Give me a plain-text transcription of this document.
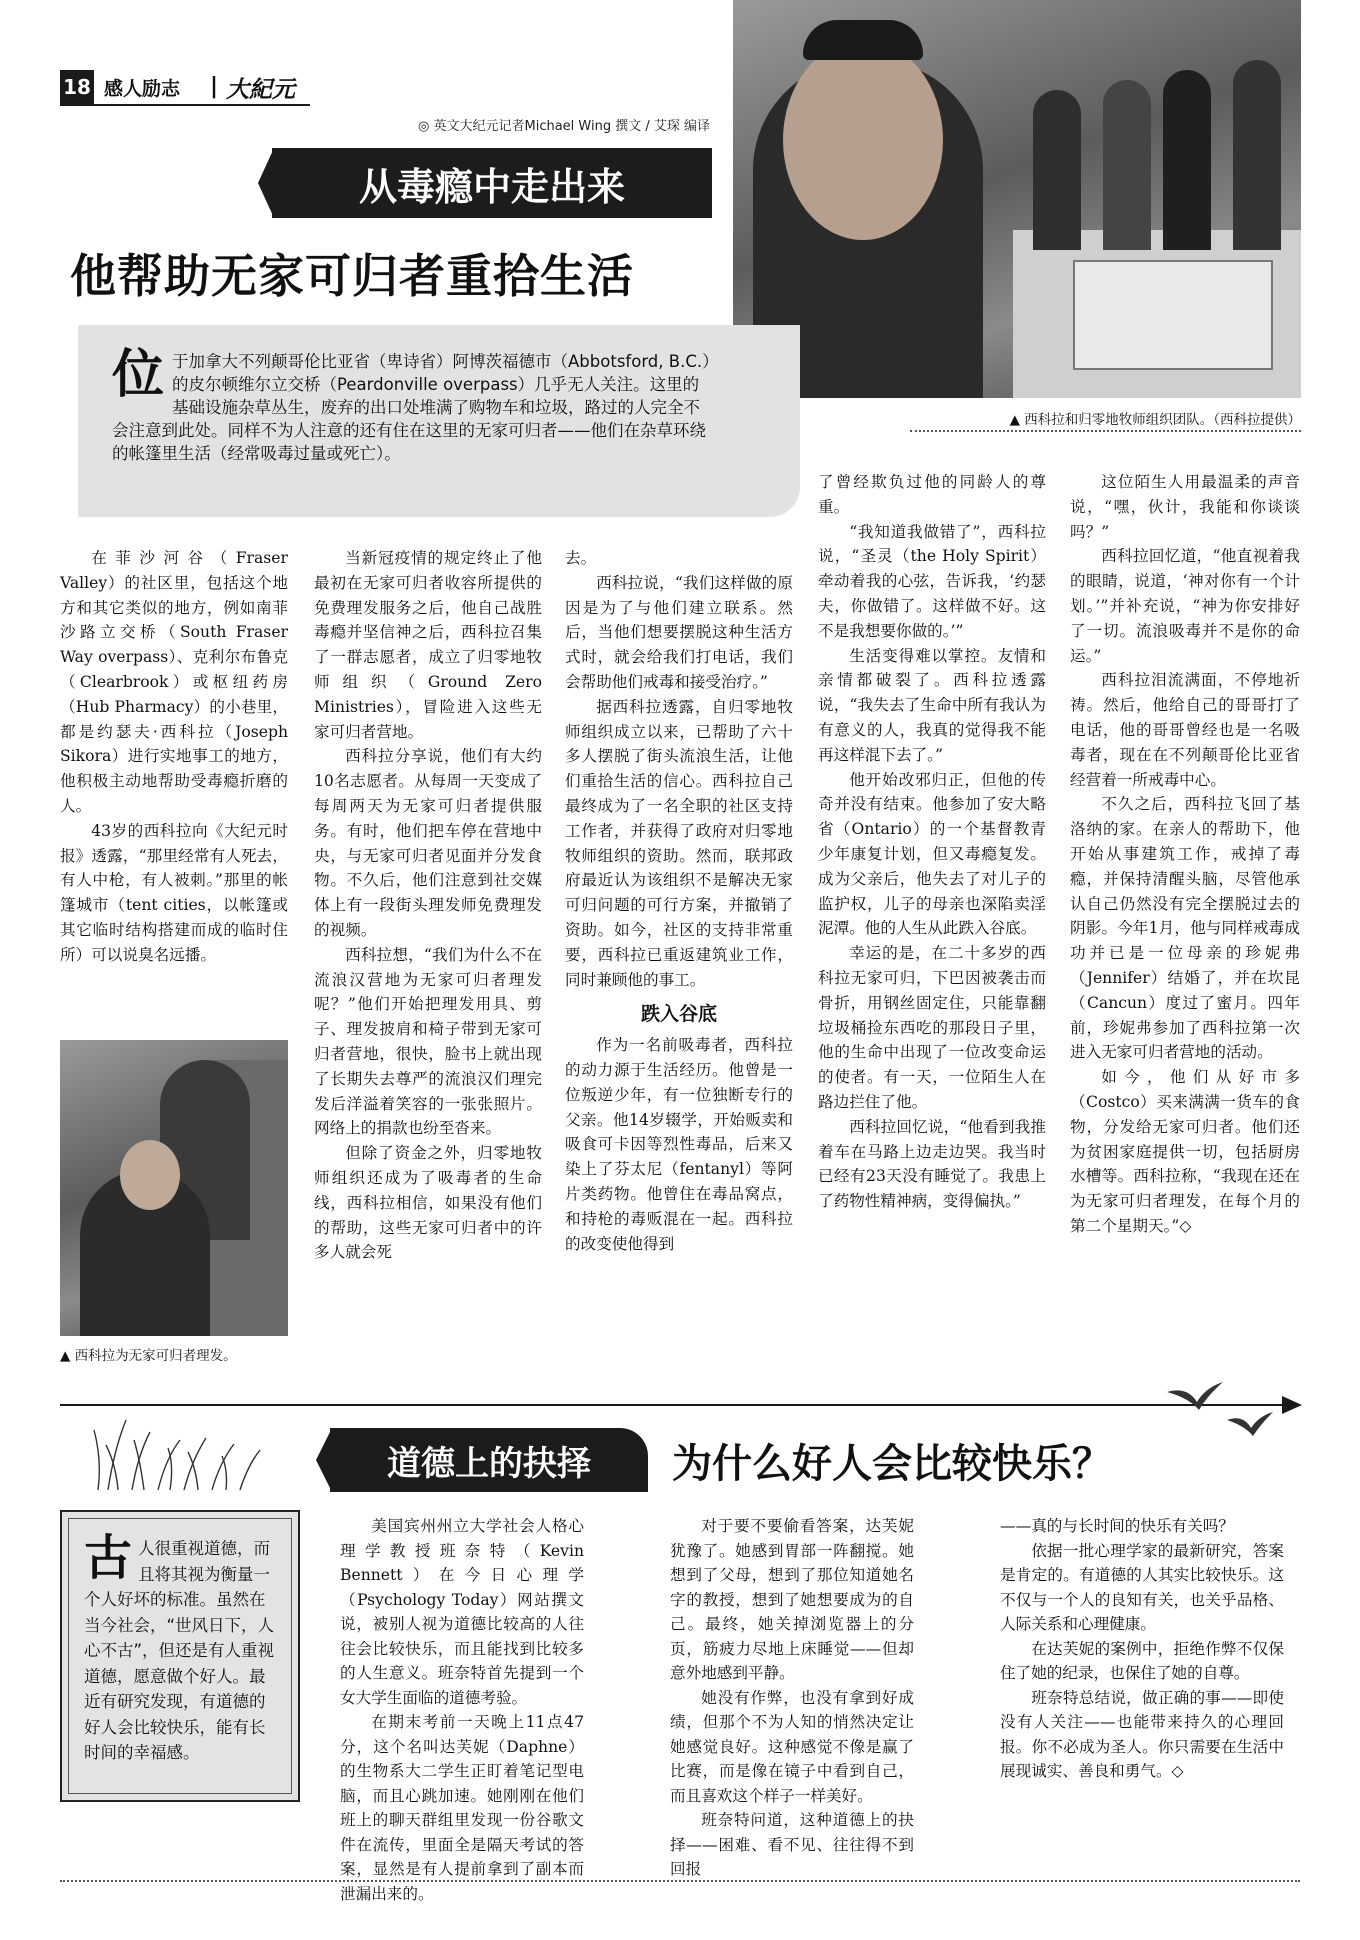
18 感人励志 | 大紀元
◎ 英文大纪元记者Michael Wing 撰文 / 艾琛 编译
从毒瘾中走出来
他帮助无家可归者重拾生活
▲ 西科拉和归零地牧师组织团队。（西科拉提供）
位于加拿大不列颠哥伦比亚省（卑诗省）阿博茨福德市（Abbotsford, B.C.）的皮尔顿维尔立交桥（Peardonville overpass）几乎无人关注。这里的基础设施杂草丛生，废弃的出口处堆满了购物车和垃圾，路过的人完全不会注意到此处。同样不为人注意的还有住在这里的无家可归者——他们在杂草环绕的帐篷里生活（经常吸毒过量或死亡）。

在菲沙河谷（Fraser Valley）的社区里，包括这个地方和其它类似的地方，例如南菲沙路立交桥（South Fraser Way overpass）、克利尔布鲁克（Clearbrook）或枢纽药房（Hub Pharmacy）的小巷里，都是约瑟夫·西科拉（Joseph Sikora）进行实地事工的地方，他积极主动地帮助受毒瘾折磨的人。

43岁的西科拉向《大纪元时报》透露，“那里经常有人死去，有人中枪，有人被刺。”那里的帐篷城市（tent cities，以帐篷或其它临时结构搭建而成的临时住所）可以说臭名远播。

▲ 西科拉为无家可归者理发。

当新冠疫情的规定终止了他最初在无家可归者收容所提供的免费理发服务之后，他自己战胜毒瘾并坚信神之后，西科拉召集了一群志愿者，成立了归零地牧师组织（Ground Zero Ministries），冒险进入这些无家可归者营地。

西科拉分享说，他们有大约10名志愿者。从每周一天变成了每周两天为无家可归者提供服务。有时，他们把车停在营地中央，与无家可归者见面并分发食物。不久后，他们注意到社交媒体上有一段街头理发师免费理发的视频。

西科拉想，“我们为什么不在流浪汉营地为无家可归者理发呢？”他们开始把理发用具、剪子、理发披肩和椅子带到无家可归者营地，很快，脸书上就出现了长期失去尊严的流浪汉们理完发后洋溢着笑容的一张张照片。网络上的捐款也纷至沓来。

但除了资金之外，归零地牧师组织还成为了吸毒者的生命线，西科拉相信，如果没有他们的帮助，这些无家可归者中的许多人就会死

去。

西科拉说，“我们这样做的原因是为了与他们建立联系。然后，当他们想要摆脱这种生活方式时，就会给我们打电话，我们会帮助他们戒毒和接受治疗。”

据西科拉透露，自归零地牧师组织成立以来，已帮助了六十多人摆脱了街头流浪生活，让他们重拾生活的信心。西科拉自己最终成为了一名全职的社区支持工作者，并获得了政府对归零地牧师组织的资助。然而，联邦政府最近认为该组织不是解决无家可归问题的可行方案，并撤销了资助。如今，社区的支持非常重要，西科拉已重返建筑业工作，同时兼顾他的事工。

跌入谷底

作为一名前吸毒者，西科拉的动力源于生活经历。他曾是一位叛逆少年，有一位独断专行的父亲。他14岁辍学，开始贩卖和吸食可卡因等烈性毒品，后来又染上了芬太尼（fentanyl）等阿片类药物。他曾住在毒品窝点，和持枪的毒贩混在一起。西科拉的改变使他得到

了曾经欺负过他的同龄人的尊重。

“我知道我做错了”，西科拉说，“圣灵（the Holy Spirit）牵动着我的心弦，告诉我，‘约瑟夫，你做错了。这样做不好。这不是我想要你做的。’”

生活变得难以掌控。友情和亲情都破裂了。西科拉透露说，“我失去了生命中所有我认为有意义的人，我真的觉得我不能再这样混下去了。”

他开始改邪归正，但他的传奇并没有结束。他参加了安大略省（Ontario）的一个基督教青少年康复计划，但又毒瘾复发。成为父亲后，他失去了对儿子的监护权，儿子的母亲也深陷卖淫泥潭。他的人生从此跌入谷底。

幸运的是，在二十多岁的西科拉无家可归，下巴因被袭击而骨折，用钢丝固定住，只能靠翻垃圾桶捡东西吃的那段日子里，他的生命中出现了一位改变命运的使者。有一天，一位陌生人在路边拦住了他。

西科拉回忆说，“他看到我推着车在马路上边走边哭。我当时已经有23天没有睡觉了。我患上了药物性精神病，变得偏执。”

这位陌生人用最温柔的声音说，“嘿，伙计，我能和你谈谈吗？”

西科拉回忆道，“他直视着我的眼睛，说道，‘神对你有一个计划。’”并补充说，“神为你安排好了一切。流浪吸毒并不是你的命运。”

西科拉泪流满面，不停地祈祷。然后，他给自己的哥哥打了电话，他的哥哥曾经也是一名吸毒者，现在在不列颠哥伦比亚省经营着一所戒毒中心。

不久之后，西科拉飞回了基洛纳的家。在亲人的帮助下，他开始从事建筑工作，戒掉了毒瘾，并保持清醒头脑，尽管他承认自己仍然没有完全摆脱过去的阴影。今年1月，他与同样戒毒成功并已是一位母亲的珍妮弗（Jennifer）结婚了，并在坎昆（Cancun）度过了蜜月。四年前，珍妮弗参加了西科拉第一次进入无家可归者营地的活动。

如今，他们从好市多（Costco）买来满满一货车的食物，分发给无家可归者。他们还为贫困家庭提供一切，包括厨房水槽等。西科拉称，“我现在还在为无家可归者理发，在每个月的第二个星期天。”◇

道德上的抉择	为什么好人会比较快乐？
古人很重视道德，而且将其视为衡量一个人好坏的标准。虽然在当今社会，“世风日下，人心不古”，但还是有人重视道德，愿意做个好人。最近有研究发现，有道德的好人会比较快乐，能有长时间的幸福感。

美国宾州州立大学社会人格心理学教授班奈特（Kevin Bennett）在今日心理学（Psychology Today）网站撰文说，被别人视为道德比较高的人往往会比较快乐，而且能找到比较多的人生意义。班奈特首先提到一个女大学生面临的道德考验。

在期末考前一天晚上11点47分，这个名叫达芙妮（Daphne）的生物系大二学生正盯着笔记型电脑，而且心跳加速。她刚刚在他们班上的聊天群组里发现一份谷歌文件在流传，里面全是隔天考试的答案，显然是有人提前拿到了副本而泄漏出来的。

对于要不要偷看答案，达芙妮犹豫了。她感到胃部一阵翻搅。她想到了父母，想到了那位知道她名字的教授，想到了她想要成为的自己。最终，她关掉浏览器上的分页，筋疲力尽地上床睡觉——但却意外地感到平静。

她没有作弊，也没有拿到好成绩，但那个不为人知的悄然决定让她感觉良好。这种感觉不像是赢了比赛，而是像在镜子中看到自己，而且喜欢这个样子一样美好。

班奈特问道，这种道德上的抉择——困难、看不见、往往得不到回报

——真的与长时间的快乐有关吗？

依据一批心理学家的最新研究，答案是肯定的。有道德的人其实比较快乐。这不仅与一个人的良知有关，也关乎品格、人际关系和心理健康。

在达芙妮的案例中，拒绝作弊不仅保住了她的纪录，也保住了她的自尊。

班奈特总结说，做正确的事——即使没有人关注——也能带来持久的心理回报。你不必成为圣人。你只需要在生活中展现诚实、善良和勇气。◇
